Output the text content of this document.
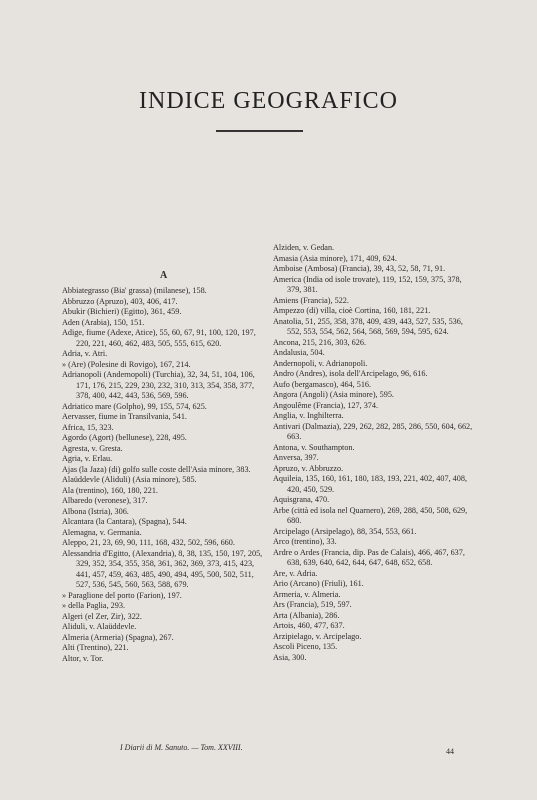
INDICE GEOGRAFICO
A

Abbiategrasso (Bia' grassa) (milanese), 158.

Abbruzzo (Apruzo), 403, 406, 417.

Abukir (Bichieri) (Egitto), 361, 459.

Aden (Arabia), 150, 151.

Adige, fiume (Adexe, Atice), 55, 60, 67, 91, 100, 120, 197, 220, 221, 460, 462, 483, 505, 555, 615, 620.

Adria, v. Atri.

» (Are) (Polesine di Rovigo), 167, 214.

Adrianopoli (Andernopoli) (Turchia), 32, 34, 51, 104, 106, 171, 176, 215, 229, 230, 232, 310, 313, 354, 358, 377, 378, 400, 442, 443, 536, 569, 596.

Adriatico mare (Golpho), 99, 155, 574, 625.

Aervasser, fiume in Transilvania, 541.

Africa, 15, 323.

Agordo (Agort) (bellunese), 228, 495.

Agresta, v. Gresta.

Agria, v. Erlau.

Ajas (la Jaza) (di) golfo sulle coste dell'Asia minore, 383.

Alaüddevle (Aliduli) (Asia minore), 585.

Ala (trentino), 160, 180, 221.

Albaredo (veronese), 317.

Albona (Istria), 306.

Alcantara (la Cantara), (Spagna), 544.

Alemagna, v. Germania.

Aleppo, 21, 23, 69, 90, 111, 168, 432, 502, 596, 660.

Alessandria d'Egitto, (Alexandria), 8, 38, 135, 150, 197, 205, 329, 352, 354, 355, 358, 361, 362, 369, 373, 415, 423, 441, 457, 459, 463, 485, 490, 494, 495, 500, 502, 511, 527, 536, 545, 560, 563, 588, 679.

» Paraglione del porto (Farion), 197.

» della Paglia, 293.

Algeri (el Zer, Zir), 322.

Aliduli, v. Alaüddevle.

Almeria (Armeria) (Spagna), 267.

Alti (Trentino), 221.

Altor, v. Tor.

Alziden, v. Gedan.

Amasia (Asia minore), 171, 409, 624.

Amboise (Ambosa) (Francia), 39, 43, 52, 58, 71, 91.

America (India od isole trovate), 119, 152, 159, 375, 378, 379, 381.

Amiens (Francia), 522.

Ampezzo (di) villa, cioè Cortina, 160, 181, 221.

Anatolia, 51, 255, 358, 378, 409, 439, 443, 527, 535, 536, 552, 553, 554, 562, 564, 568, 569, 594, 595, 624.

Ancona, 215, 216, 303, 626.

Andalusia, 504.

Andernopoli, v. Adrianopoli.

Andro (Andres), isola dell'Arcipelago, 96, 616.

Aufo (bergamasco), 464, 516.

Angora (Angoli) (Asia minore), 595.

Angoulême (Francia), 127, 374.

Anglia, v. Inghilterra.

Antivari (Dalmazia), 229, 262, 282, 285, 286, 550, 604, 662, 663.

Antona, v. Southampton.

Anversa, 397.

Apruzo, v. Abbruzzo.

Aquileia, 135, 160, 161, 180, 183, 193, 221, 402, 407, 408, 420, 450, 529.

Aquisgrana, 470.

Arbe (città ed isola nel Quarnero), 269, 288, 450, 508, 629, 680.

Arcipelago (Arsipelago), 88, 354, 553, 661.

Arco (trentino), 33.

Ardre o Ardes (Francia, dip. Pas de Calais), 466, 467, 637, 638, 639, 640, 642, 644, 647, 648, 652, 658.

Are, v. Adria.

Ario (Arcano) (Friuli), 161.

Armeria, v. Almeria.

Ars (Francia), 519, 597.

Arta (Albania), 286.

Artois, 460, 477, 637.

Arzipielago, v. Arcipelago.

Ascoli Piceno, 135.

Asia, 300.

I Diarii di M. Sanuto. — Tom. XXVIII.	44
